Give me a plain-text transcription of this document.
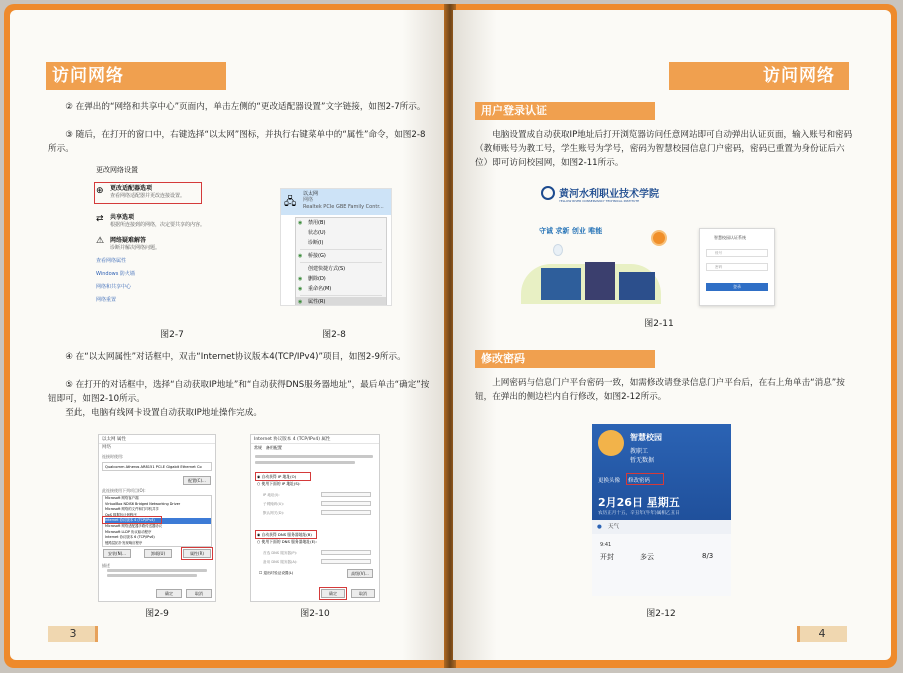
访问网络
② 在弹出的“网络和共享中心”页面内，单击左侧的“更改适配器设置”文字链接，如图2-7所示。
③ 随后，在打开的窗口中，右键选择“以太网”图标，并执行右键菜单中的“属性”命令，如图2-8所示。
更改网络设置
⊕ 更改适配器选项
查看网络适配器并更改连接设置。
⇄ 共享选项
根据所连接到的网络，决定要共享的内容。
⚠ 网络疑难解答
诊断并解决网络问题。
查看网络属性
Windows 防火墙
网络和共享中心
网络重置
🖧
以太网
网络
Realtek PCIe GBE Family Contr...
◉ 禁用(B)
状态(U)
诊断(I)
◉ 桥接(G)
创建快捷方式(S)
◉ 删除(D)
◉ 重命名(M)
◉ 属性(R)
图2-7	图2-8
④ 在“以太网属性”对话框中，双击“Internet协议版本4(TCP/IPv4)”项目，如图2-9所示。
⑤ 在打开的对话框中，选择“自动获取IP地址”和“自动获得DNS服务器地址”，最后单击“确定”按钮即可，如图2-10所示。
至此，电脑有线网卡设置自动获取IP地址操作完成。
以太网 属性
网络
连接时使用:
Qualcomm Atheros AR8151 PCI-E Gigabit Ethernet Co
配置(C)...
此连接使用下列项目(O):
Microsoft 网络客户端
VirtualBox NDIS6 Bridged Networking Driver
Microsoft 网络的文件和打印机共享
QoS 数据包计划程序
Internet 协议版本 4 (TCP/IPv4)
Microsoft 网络适配器多路传送器协议
Microsoft LLDP 协议驱动程序
Internet 协议版本 6 (TCP/IPv6)
链路层拓扑发现响应程序
安装(N)...	卸载(U)	属性(R)
描述
确定	取消
Internet 协议版本 4 (TCP/IPv4) 属性
常规 备用配置
◉ 自动获得 IP 地址(O)
○ 使用下面的 IP 地址(S):
IP 地址(I):
子网掩码(U):
默认网关(D):
◉ 自动获得 DNS 服务器地址(B)
○ 使用下面的 DNS 服务器地址(E):
首选 DNS 服务器(P):
备用 DNS 服务器(A):
☐ 退出时验证设置(L)	高级(V)...
确定	取消
图2-9	图2-10
3
访问网络
用户登录认证
电脑设置成自动获取IP地址后打开浏览器访问任意网站即可自动弹出认证页面，输入账号和密码（教师账号为教工号，学生账号为学号，密码为智慧校园信息门户密码，密码已重置为身份证后六位）即可访问校园网，如图2-11所示。
黄河水利职业技术学院
YELLOW RIVER CONSERVANCY TECHNICAL INSTITUTE
守诚 求新 创业 唯能
智慧校园认证系统
账号
密码
登录
图2-11
修改密码
上网密码与信息门户平台密码一致，如需修改请登录信息门户平台后，在右上角单击“消息”按钮，在弹出的侧边栏内自行修改，如图2-12所示。
智慧校园
教职工
暂无数据
更换头像 修改密码
2月26日 星期五
农历正月十五，辛丑年(牛年)属相乙丑日
● 天气
9:41
开封	多云	8/3
图2-12
4
